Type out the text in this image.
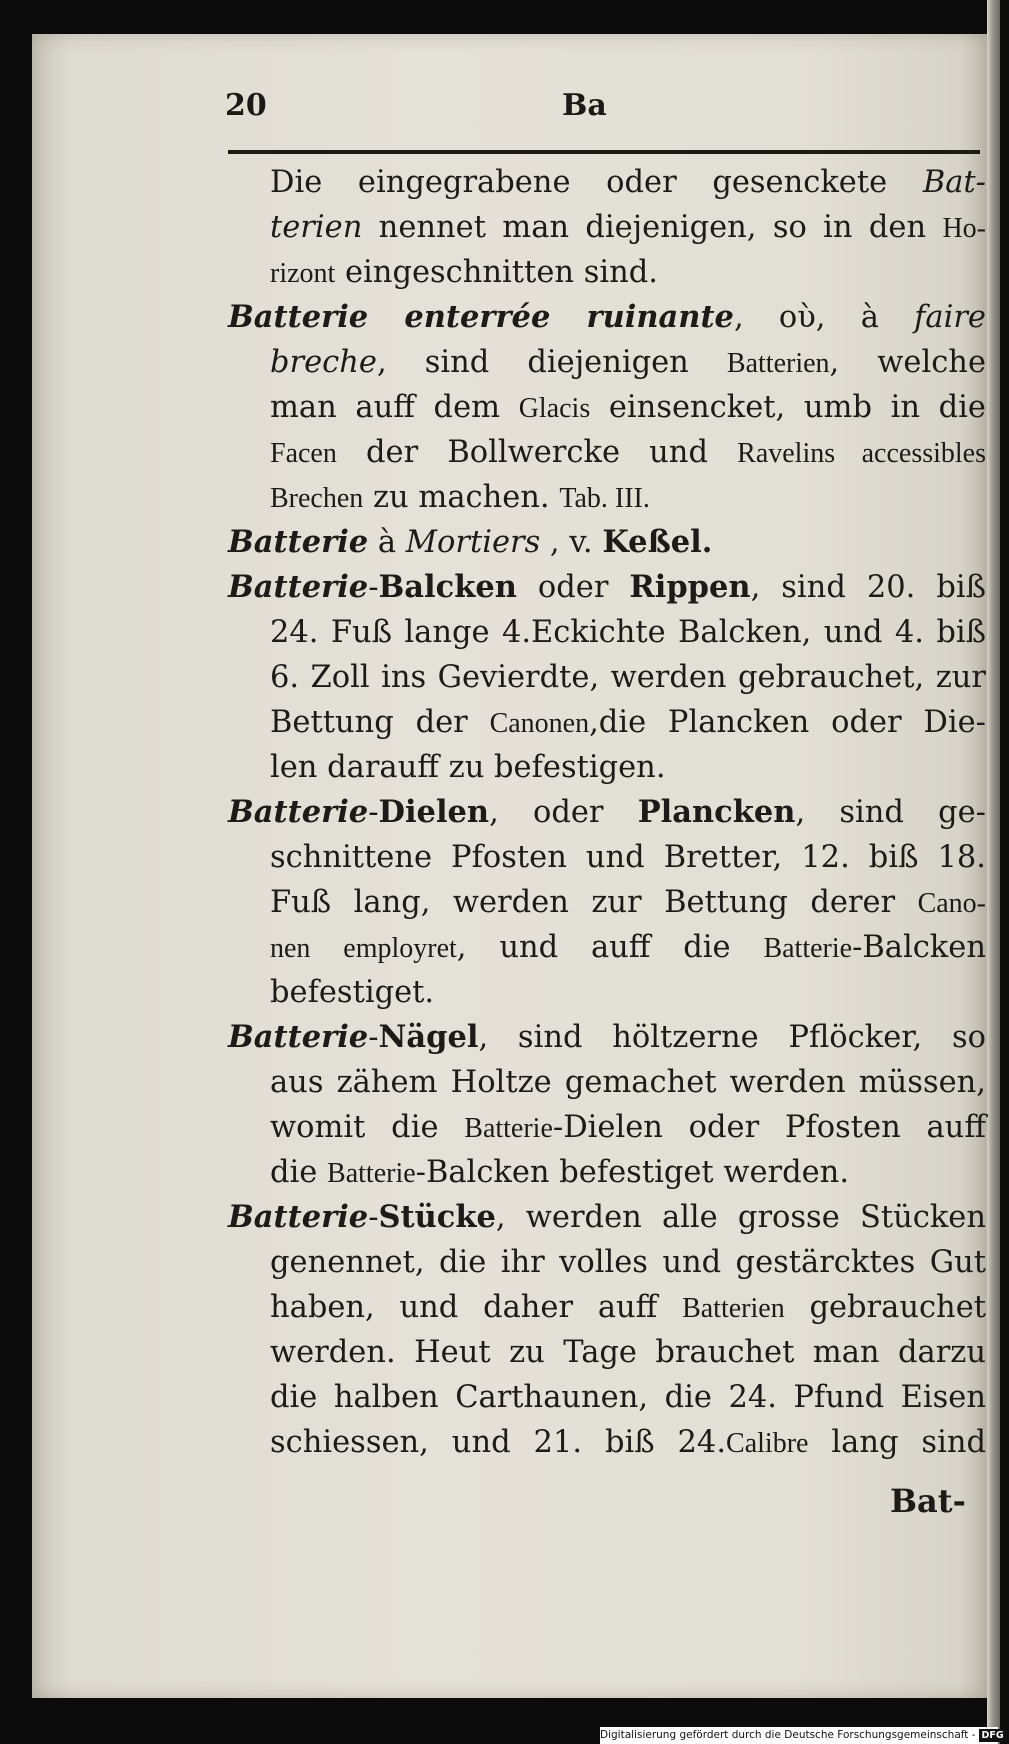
20	Ba
Die eingegrabene oder gesenckete Bat-
terien nennet man diejenigen, so in den Ho-
rizont eingeschnitten sind.
Batterie enterrée ruinante, oὺ, à faire
breche, sind diejenigen Batterien, welche
man auff dem Glacis einsencket, umb in die
Facen der Bollwercke und Ravelins accessibles
Brechen zu machen. Tab. III.
Batterie à Mortiers , v. Keßel.
Batterie-Balcken oder Rippen, sind 20. biß
24. Fuß lange 4.Eckichte Balcken, und 4. biß
6. Zoll ins Gevierdte, werden gebrauchet, zur
Bettung der Canonen,die Plancken oder Die-
len darauff zu befestigen.
Batterie-Dielen, oder Plancken, sind ge-
schnittene Pfosten und Bretter, 12. biß 18.
Fuß lang, werden zur Bettung derer Cano-
nen employret, und auff die Batterie-Balcken
befestiget.
Batterie-Nägel, sind höltzerne Pflöcker, so
aus zähem Holtze gemachet werden müssen,
womit die Batterie-Dielen oder Pfosten auff
die Batterie-Balcken befestiget werden.
Batterie-Stücke, werden alle grosse Stücken
genennet, die ihr volles und gestärcktes Gut
haben, und daher auff Batterien gebrauchet
werden. Heut zu Tage brauchet man darzu
die halben Carthaunen, die 24. Pfund Eisen
schiessen, und 21. biß 24.Calibre lang sind
Bat-
Digitalisierung gefördert durch die Deutsche Forschungsgemeinschaft - DFG
